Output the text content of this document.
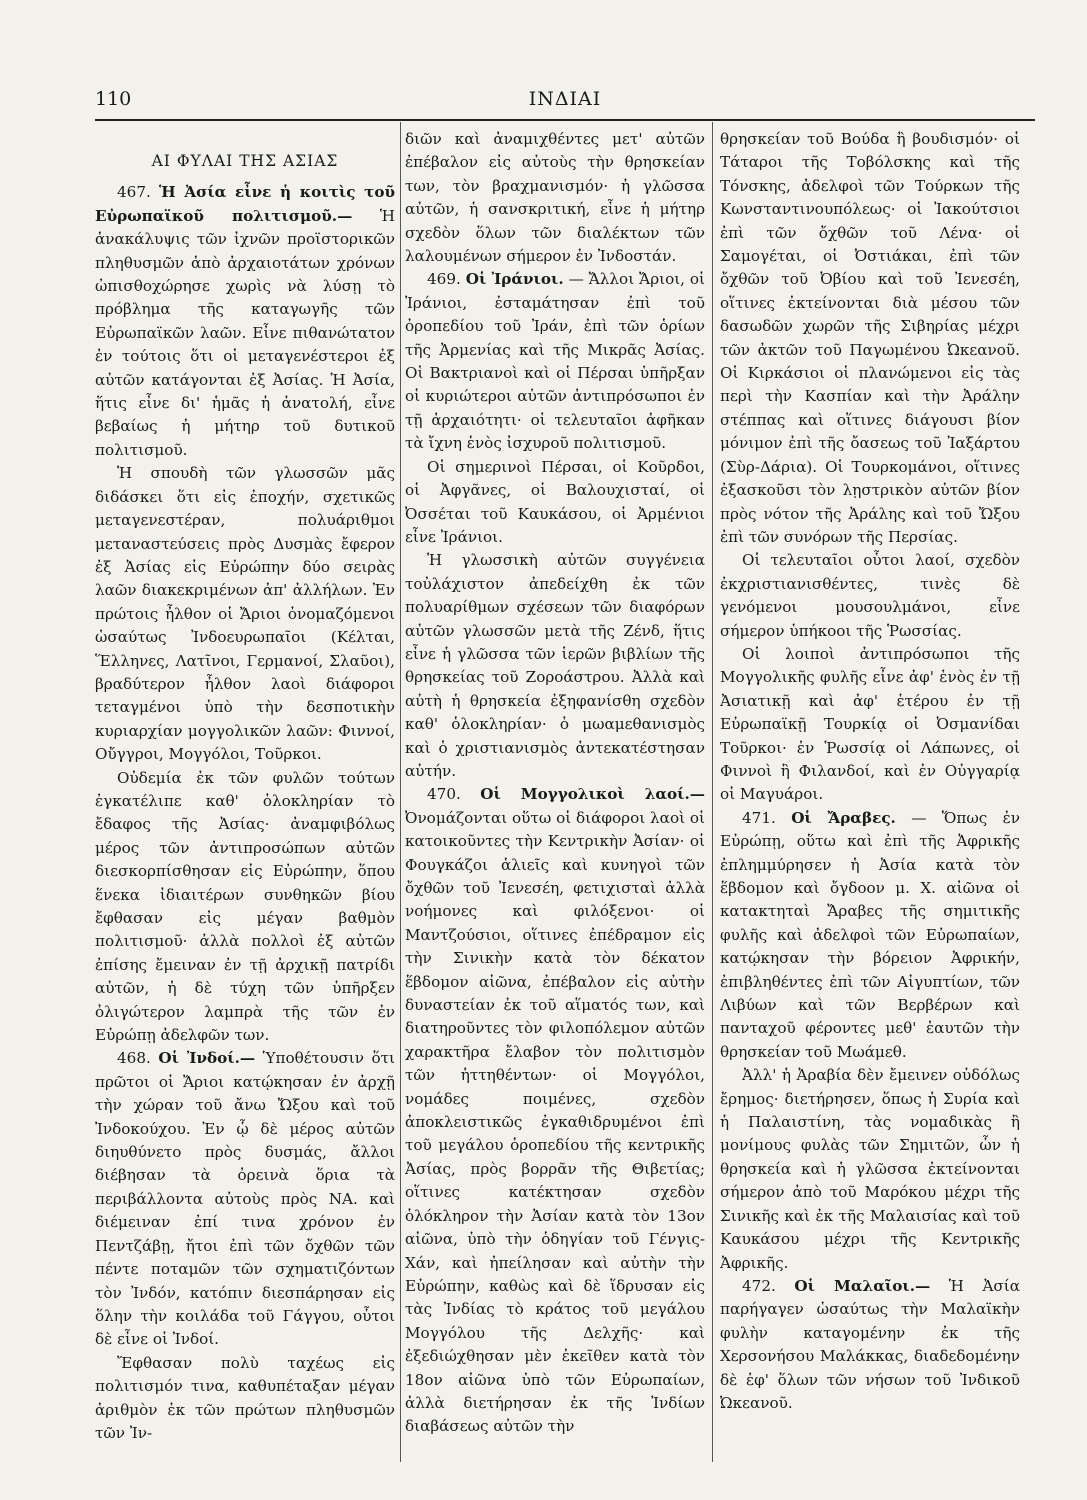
ΙΝΔΙΑΙ
110
ΑΙ ΦΥΛΑΙ ΤΗΣ ΑΣΙΑΣ

467. Ἡ Ἀσία εἶνε ἡ κοιτὶς τοῦ Εὐρωπαϊκοῦ πολιτισμοῦ.— Ἡ ἀνακάλυψις τῶν ἰχνῶν προϊστορικῶν πληθυσμῶν ἀπὸ ἀρχαιοτάτων χρόνων ὠπισθοχώρησε χωρὶς νὰ λύσῃ τὸ πρόβλημα τῆς καταγωγῆς τῶν Εὐρωπαϊκῶν λαῶν. Εἶνε πιθανώτατον ἐν τούτοις ὅτι οἱ μεταγενέστεροι ἐξ αὐτῶν κατάγονται ἐξ Ἀσίας. Ἡ Ἀσία, ἥτις εἶνε δι' ἡμᾶς ἡ ἀνατολή, εἶνε βεβαίως ἡ μήτηρ τοῦ δυτικοῦ πολιτισμοῦ.

Ἡ σπουδὴ τῶν γλωσσῶν μᾶς διδάσκει ὅτι εἰς ἐποχήν, σχετικῶς μεταγενεστέραν, πολυάριθμοι μεταναστεύσεις πρὸς Δυσμὰς ἔφερον ἐξ Ἀσίας εἰς Εὐρώπην δύο σειρὰς λαῶν διακεκριμένων ἀπ' ἀλλήλων. Ἐν πρώτοις ἦλθον οἱ Ἄριοι ὀνομαζόμενοι ὡσαύτως Ἰνδοευρωπαῖοι (Κέλται, Ἕλληνες, Λατῖνοι, Γερμανοί, Σλαῦοι), βραδύτερον ἦλθον λαοὶ διάφοροι τεταγμένοι ὑπὸ τὴν δεσποτικὴν κυριαρχίαν μογγολικῶν λαῶν: Φιννοί, Οὔγγροι, Μογγόλοι, Τοῦρκοι.

Οὐδεμία ἐκ τῶν φυλῶν τούτων ἐγκατέλιπε καθ' ὁλοκληρίαν τὸ ἔδαφος τῆς Ἀσίας· ἀναμφιβόλως μέρος τῶν ἀντιπροσώπων αὐτῶν διεσκορπίσθησαν εἰς Εὐρώπην, ὅπου ἕνεκα ἰδιαιτέρων συνθηκῶν βίου ἔφθασαν εἰς μέγαν βαθμὸν πολιτισμοῦ· ἀλλὰ πολλοὶ ἐξ αὐτῶν ἐπίσης ἔμειναν ἐν τῇ ἀρχικῇ πατρίδι αὐτῶν, ἡ δὲ τύχη τῶν ὑπῆρξεν ὀλιγώτερον λαμπρὰ τῆς τῶν ἐν Εὐρώπῃ ἀδελφῶν των.

468. Οἱ Ἰνδοί.— Ὑποθέτουσιν ὅτι πρῶτοι οἱ Ἄριοι κατῴκησαν ἐν ἀρχῇ τὴν χώραν τοῦ ἄνω Ὤξου καὶ τοῦ Ἰνδοκούχου. Ἐν ᾧ δὲ μέρος αὐτῶν διηυθύνετο πρὸς δυσμάς, ἄλλοι διέβησαν τὰ ὀρεινὰ ὅρια τὰ περιβάλλοντα αὐτοὺς πρὸς ΝΑ. καὶ διέμειναν ἐπί τινα χρόνον ἐν Πεντζάβῃ, ἤτοι ἐπὶ τῶν ὄχθῶν τῶν πέντε ποταμῶν τῶν σχηματιζόντων τὸν Ἰνδόν, κατόπιν διεσπάρησαν εἰς ὅλην τὴν κοιλάδα τοῦ Γάγγου, οὗτοι δὲ εἶνε οἱ Ἰνδοί.

Ἔφθασαν πολὺ ταχέως εἰς πολιτισμόν τινα, καθυπέταξαν μέγαν ἀριθμὸν ἐκ τῶν πρώτων πληθυσμῶν τῶν Ἰν-

διῶν καὶ ἀναμιχθέντες μετ' αὐτῶν ἐπέβαλον εἰς αὐτοὺς τὴν θρησκείαν των, τὸν βραχμανισμόν· ἡ γλῶσσα αὐτῶν, ἡ σανσκριτική, εἶνε ἡ μήτηρ σχεδὸν ὅλων τῶν διαλέκτων τῶν λαλουμένων σήμερον ἐν Ἰνδοστάν.

469. Οἱ Ἰράνιοι. — Ἄλλοι Ἄριοι, οἱ Ἰράνιοι, ἐσταμάτησαν ἐπὶ τοῦ ὀροπεδίου τοῦ Ἰράν, ἐπὶ τῶν ὁρίων τῆς Ἀρμενίας καὶ τῆς Μικρᾶς Ἀσίας. Οἱ Βακτριανοὶ καὶ οἱ Πέρσαι ὑπῆρξαν οἱ κυριώτεροι αὐτῶν ἀντιπρόσωποι ἐν τῇ ἀρχαιότητι· οἱ τελευταῖοι ἀφῆκαν τὰ ἴχνη ἑνὸς ἰσχυροῦ πολιτισμοῦ.

Οἱ σημερινοὶ Πέρσαι, οἱ Κοῦρδοι, οἱ Ἀφγᾶνες, οἱ Βαλουχισταί, οἱ Ὀσσέται τοῦ Καυκάσου, οἱ Ἀρμένιοι εἶνε Ἰράνιοι.

Ἡ γλωσσικὴ αὐτῶν συγγένεια τοὐλάχιστον ἀπεδείχθη ἐκ τῶν πολυαρίθμων σχέσεων τῶν διαφόρων αὐτῶν γλωσσῶν μετὰ τῆς Ζένδ, ἥτις εἶνε ἡ γλῶσσα τῶν ἱερῶν βιβλίων τῆς θρησκείας τοῦ Ζοροάστρου. Ἀλλὰ καὶ αὐτὴ ἡ θρησκεία ἐξηφανίσθη σχεδὸν καθ' ὁλοκληρίαν· ὁ μωαμεθανισμὸς καὶ ὁ χριστιανισμὸς ἀντεκατέστησαν αὐτήν.

470. Οἱ Μογγολικοὶ λαοί.— Ὀνομάζονται οὕτω οἱ διάφοροι λαοὶ οἱ κατοικοῦντες τὴν Κεντρικὴν Ἀσίαν· οἱ Φουγκάζοι ἁλιεῖς καὶ κυνηγοὶ τῶν ὄχθῶν τοῦ Ἰενεσέη, φετιχισταὶ ἀλλὰ νοήμονες καὶ φιλόξενοι· οἱ Μαντζούσιοι, οἵτινες ἐπέδραμον εἰς τὴν Σινικὴν κατὰ τὸν δέκατον ἕβδομον αἰῶνα, ἐπέβαλον εἰς αὐτὴν δυναστείαν ἐκ τοῦ αἵματός των, καὶ διατηροῦντες τὸν φιλοπόλεμον αὐτῶν χαρακτῆρα ἔλαβον τὸν πολιτισμὸν τῶν ἡττηθέντων· οἱ Μογγόλοι, νομάδες ποιμένες, σχεδὸν ἀποκλειστικῶς ἐγκαθιδρυμένοι ἐπὶ τοῦ μεγάλου ὀροπεδίου τῆς κεντρικῆς Ἀσίας, πρὸς βορρᾶν τῆς Θιβετίας; οἵτινες κατέκτησαν σχεδὸν ὁλόκληρον τὴν Ἀσίαν κατὰ τὸν 13ον αἰῶνα, ὑπὸ τὴν ὁδηγίαν τοῦ Γένγις-Χάν, καὶ ἠπείλησαν καὶ αὐτὴν τὴν Εὐρώπην, καθὼς καὶ δὲ ἵδρυσαν εἰς τὰς Ἰνδίας τὸ κράτος τοῦ μεγάλου Μογγόλου τῆς Δελχῆς· καὶ ἐξεδιώχθησαν μὲν ἐκεῖθεν κατὰ τὸν 18ον αἰῶνα ὑπὸ τῶν Εὐρωπαίων, ἀλλὰ διετήρησαν ἐκ τῆς Ἰνδίων διαβάσεως αὐτῶν τὴν

θρησκείαν τοῦ Βούδα ἢ βουδισμόν· οἱ Τάταροι τῆς Τοβόλσκης καὶ τῆς Τόνσκης, ἀδελφοὶ τῶν Τούρκων τῆς Κωνσταντινουπόλεως· οἱ Ἰακούτσιοι ἐπὶ τῶν ὄχθῶν τοῦ Λένα· οἱ Σαμογέται, οἱ Ὀστιάκαι, ἐπὶ τῶν ὄχθῶν τοῦ Ὀβίου καὶ τοῦ Ἰενεσέη, οἵτινες ἐκτείνονται διὰ μέσου τῶν δασωδῶν χωρῶν τῆς Σιβηρίας μέχρι τῶν ἀκτῶν τοῦ Παγωμένου Ὠκεανοῦ. Οἱ Κιρκάσιοι οἱ πλανώμενοι εἰς τὰς περὶ τὴν Κασπίαν καὶ τὴν Ἀράλην στέππας καὶ οἵτινες διάγουσι βίον μόνιμον ἐπὶ τῆς ὄασεως τοῦ Ἰαξάρτου (Σὺρ-Δάρια). Οἱ Τουρκομάνοι, οἵτινες ἐξασκοῦσι τὸν λῃστρικὸν αὐτῶν βίον πρὸς νότον τῆς Ἀράλης καὶ τοῦ Ὤξου ἐπὶ τῶν συνόρων τῆς Περσίας.

Οἱ τελευταῖοι οὗτοι λαοί, σχεδὸν ἐκχριστιανισθέντες, τινὲς δὲ γενόμενοι μουσουλμάνοι, εἶνε σήμερον ὑπήκοοι τῆς Ῥωσσίας.

Οἱ λοιποὶ ἀντιπρόσωποι τῆς Μογγολικῆς φυλῆς εἶνε ἀφ' ἑνὸς ἐν τῇ Ἀσιατικῇ καὶ ἀφ' ἑτέρου ἐν τῇ Εὐρωπαϊκῇ Τουρκίᾳ οἱ Ὀσμανίδαι Τοῦρκοι· ἐν Ῥωσσίᾳ οἱ Λάπωνες, οἱ Φιννοὶ ἢ Φιλανδοί, καὶ ἐν Οὐγγαρίᾳ οἱ Μαγυάροι.

471. Οἱ Ἄραβες. — Ὅπως ἐν Εὐρώπῃ, οὕτω καὶ ἐπὶ τῆς Ἀφρικῆς ἐπλημμύρησεν ἡ Ἀσία κατὰ τὸν ἕβδομον καὶ ὄγδοον μ. Χ. αἰῶνα οἱ κατακτηταὶ Ἄραβες τῆς σημιτικῆς φυλῆς καὶ ἀδελφοὶ τῶν Εὐρωπαίων, κατῴκησαν τὴν βόρειον Ἀφρικήν, ἐπιβληθέντες ἐπὶ τῶν Αἰγυπτίων, τῶν Λιβύων καὶ τῶν Βερβέρων καὶ πανταχοῦ φέροντες μεθ' ἑαυτῶν τὴν θρησκείαν τοῦ Μωάμεθ.

Ἀλλ' ἡ Ἀραβία δὲν ἔμεινεν οὐδόλως ἔρημος· διετήρησεν, ὅπως ἡ Συρία καὶ ἡ Παλαιστίνη, τὰς νομαδικὰς ἢ μονίμους φυλὰς τῶν Σημιτῶν, ὧν ἡ θρησκεία καὶ ἡ γλῶσσα ἐκτείνονται σήμερον ἀπὸ τοῦ Μαρόκου μέχρι τῆς Σινικῆς καὶ ἐκ τῆς Μαλαισίας καὶ τοῦ Καυκάσου μέχρι τῆς Κεντρικῆς Ἀφρικῆς.

472. Οἱ Μαλαῖοι.— Ἡ Ἀσία παρήγαγεν ὡσαύτως τὴν Μαλαϊκὴν φυλὴν καταγομένην ἐκ τῆς Χερσονήσου Μαλάκκας, διαδεδομένην δὲ ἐφ' ὅλων τῶν νήσων τοῦ Ἰνδικοῦ Ὠκεανοῦ.
